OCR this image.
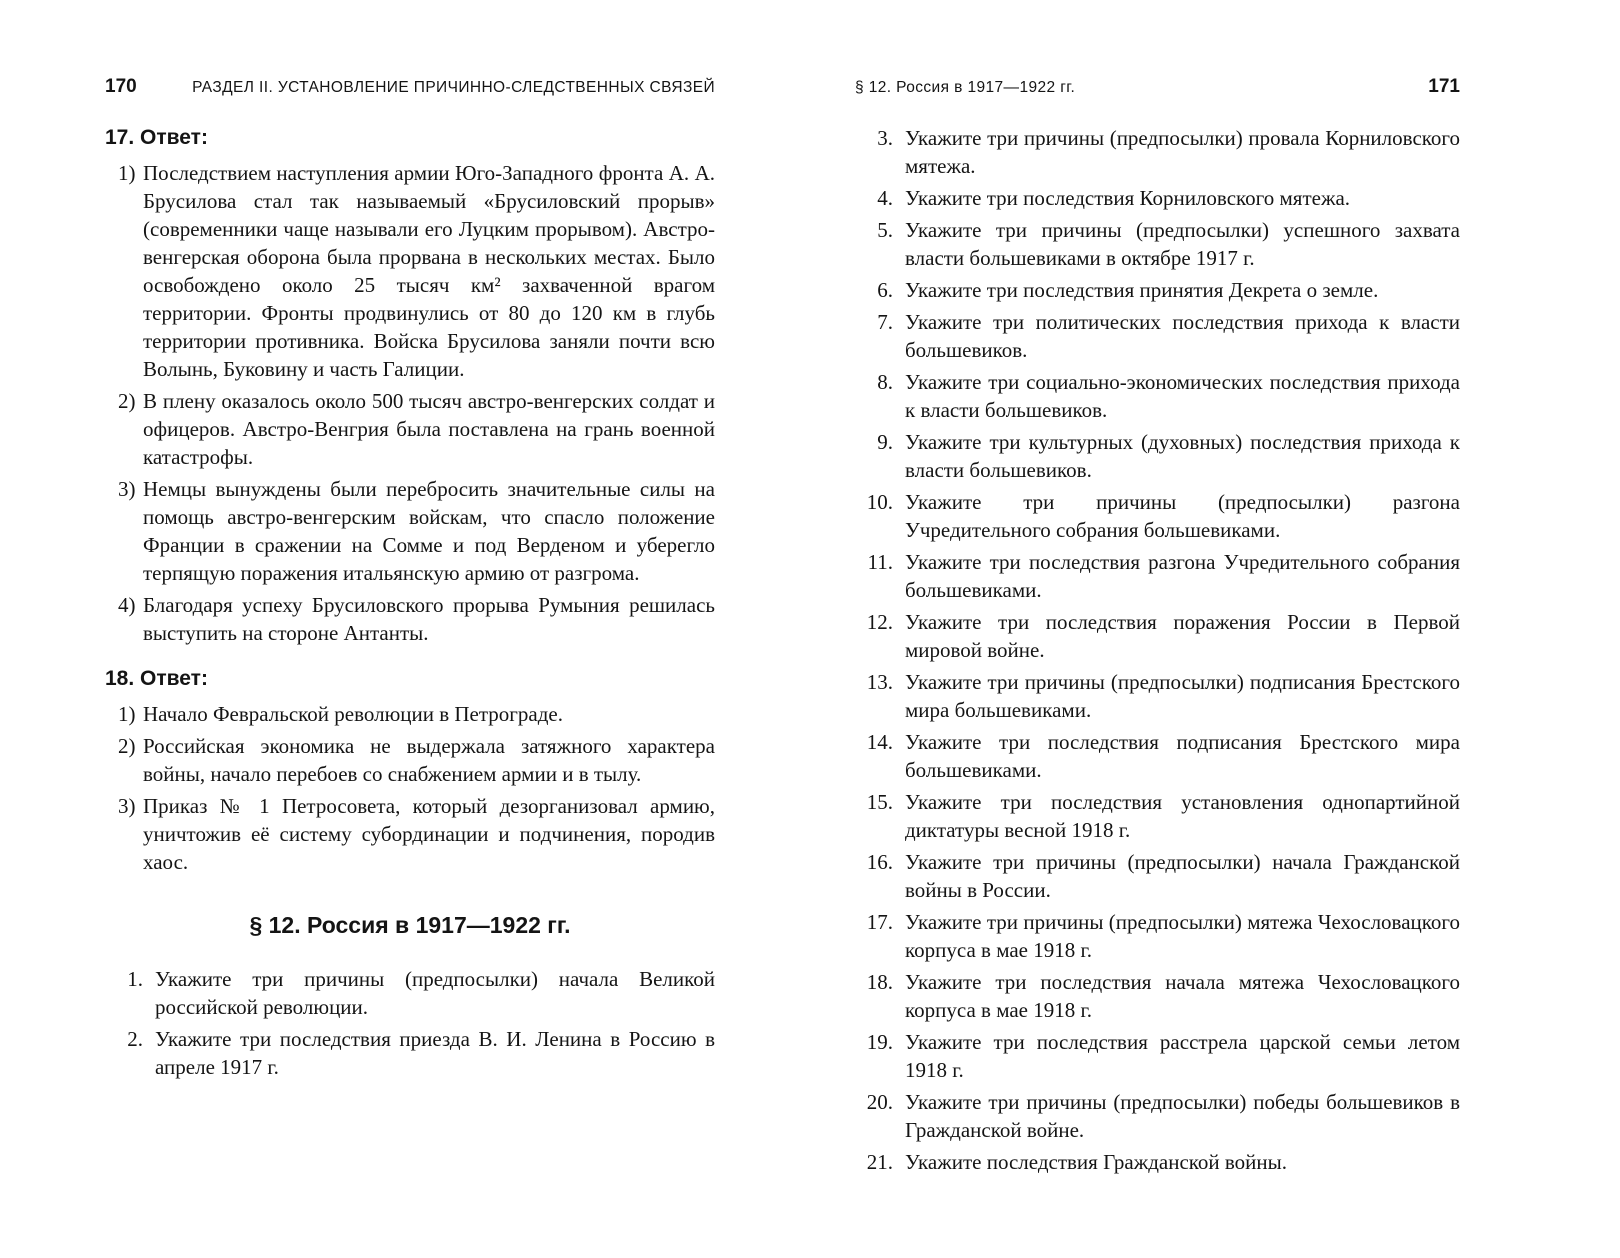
170	РАЗДЕЛ II. УСТАНОВЛЕНИЕ ПРИЧИННО-СЛЕДСТВЕННЫХ СВЯЗЕЙ

17. Ответ:

1) Последствием наступления армии Юго-Западного фронта А. А. Брусилова стал так называемый «Брусиловский прорыв» (современники чаще называли его Луцким прорывом). Австро-венгерская оборона была прорвана в нескольких местах. Было освобождено около 25 тысяч км² захваченной врагом территории. Фронты продвинулись от 80 до 120 км в глубь территории противника. Войска Брусилова заняли почти всю Волынь, Буковину и часть Галиции.
2) В плену оказалось около 500 тысяч австро-венгерских солдат и офицеров. Австро-Венгрия была поставлена на грань военной катастрофы.
3) Немцы вынуждены были перебросить значительные силы на помощь австро-венгерским войскам, что спасло положение Франции в сражении на Сомме и под Верденом и уберегло терпящую поражения итальянскую армию от разгрома.
4) Благодаря успеху Брусиловского прорыва Румыния решилась выступить на стороне Антанты.

18. Ответ:

1) Начало Февральской революции в Петрограде.
2) Российская экономика не выдержала затяжного характера войны, начало перебоев со снабжением армии и в тылу.
3) Приказ № 1 Петросовета, который дезорганизовал армию, уничтожив её систему субординации и подчинения, породив хаос.
§ 12. Россия в 1917—1922 гг.
1. Укажите три причины (предпосылки) начала Великой российской революции.
2. Укажите три последствия приезда В. И. Ленина в Россию в апреле 1917 г.
§ 12. Россия в 1917—1922 гг.	171
3. Укажите три причины (предпосылки) провала Корниловского мятежа.
4. Укажите три последствия Корниловского мятежа.
5. Укажите три причины (предпосылки) успешного захвата власти большевиками в октябре 1917 г.
6. Укажите три последствия принятия Декрета о земле.
7. Укажите три политических последствия прихода к власти большевиков.
8. Укажите три социально-экономических последствия прихода к власти большевиков.
9. Укажите три культурных (духовных) последствия прихода к власти большевиков.
10. Укажите три причины (предпосылки) разгона Учредительного собрания большевиками.
11. Укажите три последствия разгона Учредительного собрания большевиками.
12. Укажите три последствия поражения России в Первой мировой войне.
13. Укажите три причины (предпосылки) подписания Брестского мира большевиками.
14. Укажите три последствия подписания Брестского мира большевиками.
15. Укажите три последствия установления однопартийной диктатуры весной 1918 г.
16. Укажите три причины (предпосылки) начала Гражданской войны в России.
17. Укажите три причины (предпосылки) мятежа Чехословацкого корпуса в мае 1918 г.
18. Укажите три последствия начала мятежа Чехословацкого корпуса в мае 1918 г.
19. Укажите три последствия расстрела царской семьи летом 1918 г.
20. Укажите три причины (предпосылки) победы большевиков в Гражданской войне.
21. Укажите последствия Гражданской войны.
